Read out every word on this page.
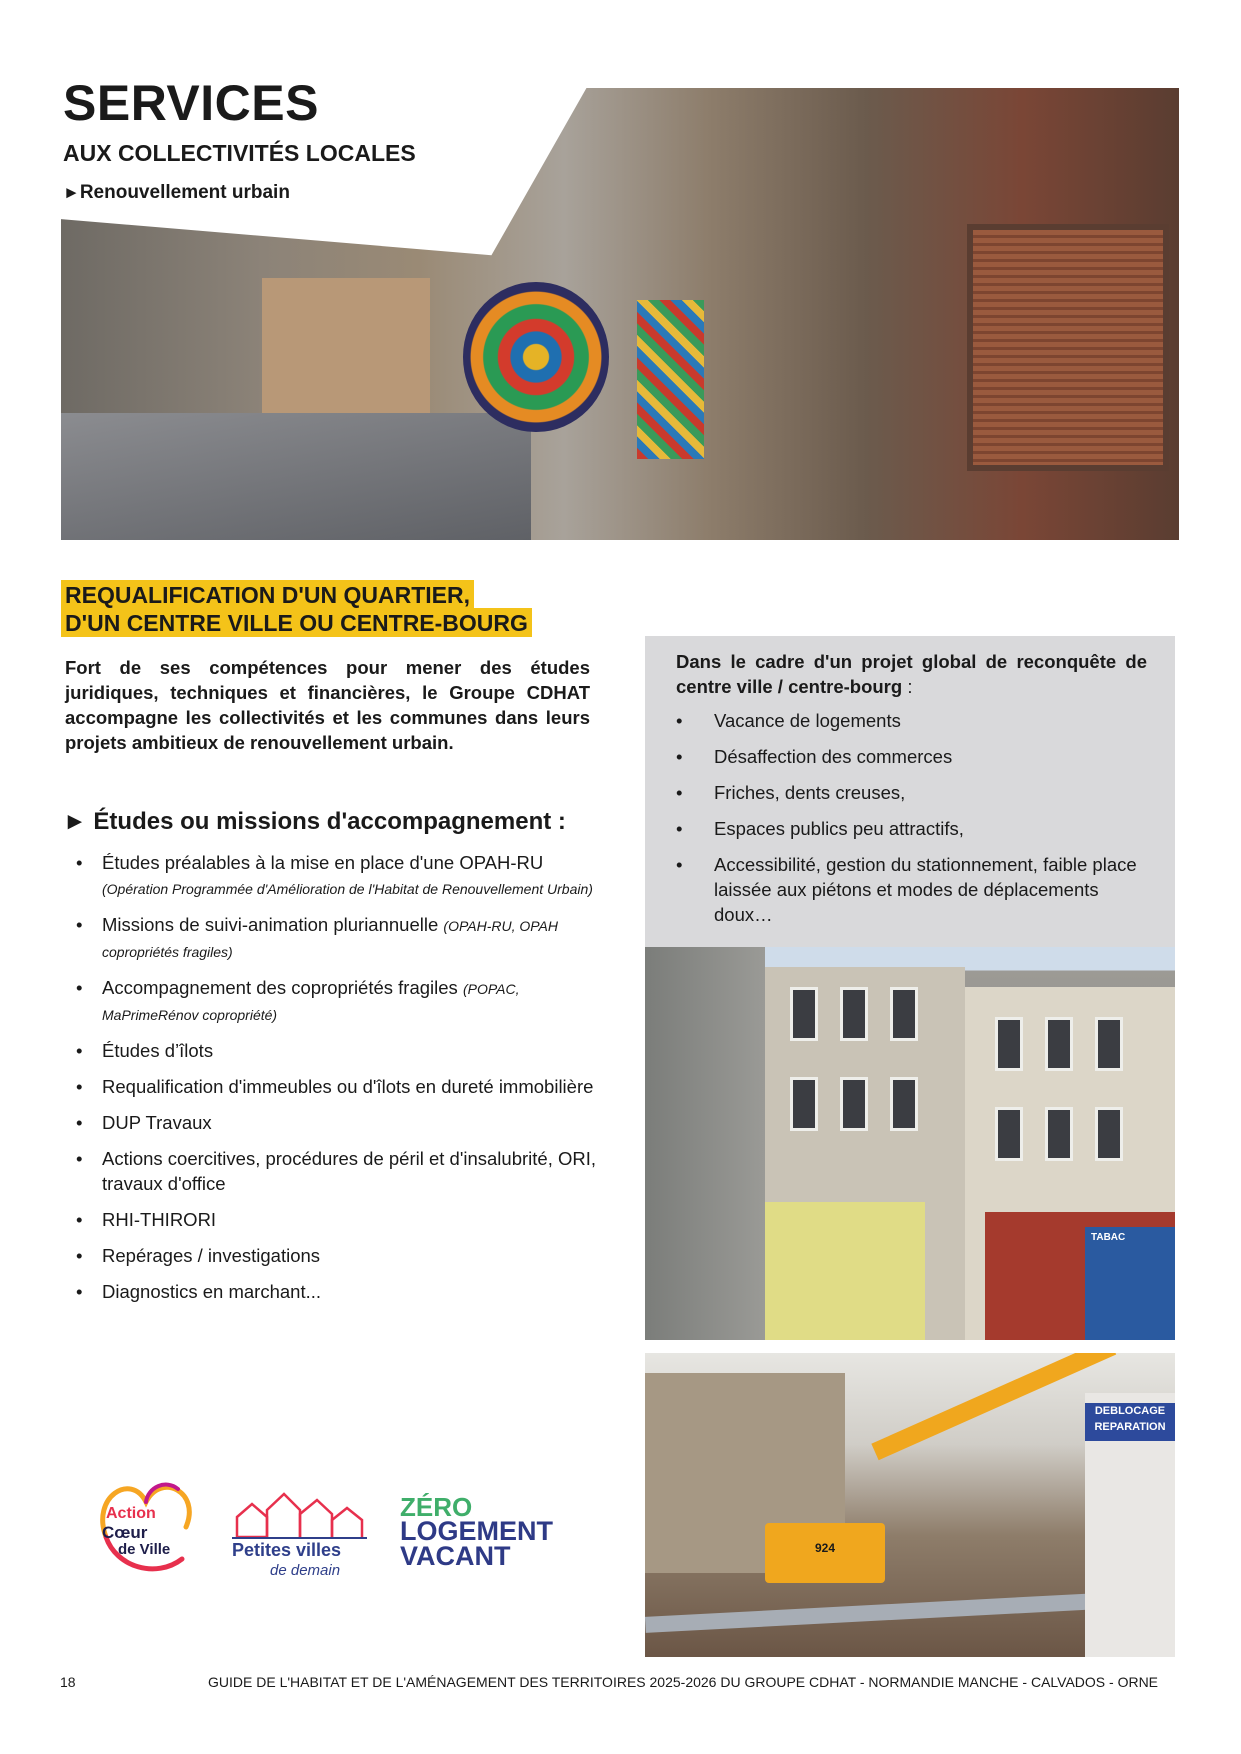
SERVICES
AUX COLLECTIVITÉS LOCALES
►Renouvellement urbain
REQUALIFICATION D'UN QUARTIER,
D'UN CENTRE VILLE OU CENTRE-BOURG
Fort de ses compétences pour mener des études juridiques, techniques et financières, le Groupe CDHAT accompagne les collectivités et les communes dans leurs projets ambitieux de renouvellement urbain.
► Études ou missions d'accompagnement :
• Études préalables à la mise en place d'une OPAH-RU (Opération Programmée d'Amélioration de l'Habitat de Renouvellement Urbain)
• Missions de suivi-animation pluriannuelle (OPAH-RU, OPAH copropriétés fragiles)
• Accompagnement des copropriétés fragiles (POPAC, MaPrimeRénov copropriété)
• Études d’îlots
• Requalification d'immeubles ou d'îlots en dureté immobilière
• DUP Travaux
• Actions coercitives, procédures de péril et d'insalubrité, ORI, travaux d'office
• RHI-THIRORI
• Repérages / investigations
• Diagnostics en marchant...
Dans le cadre d'un projet global de reconquête de centre ville / centre-bourg :
• Vacance de logements
• Désaffection des commerces
• Friches, dents creuses,
• Espaces publics peu attractifs,
• Accessibilité, gestion du stationnement, faible place laissée aux piétons et modes de déplacements doux…
TABAC
924
DEBLOCAGE REPARATION
Action
Cœur
de Ville	Petites villes
de demain
ZÉRO
LOGEMENT
VACANT
18	GUIDE DE L'HABITAT ET DE L'AMÉNAGEMENT DES TERRITOIRES 2025-2026 DU GROUPE CDHAT - NORMANDIE MANCHE - CALVADOS - ORNE
